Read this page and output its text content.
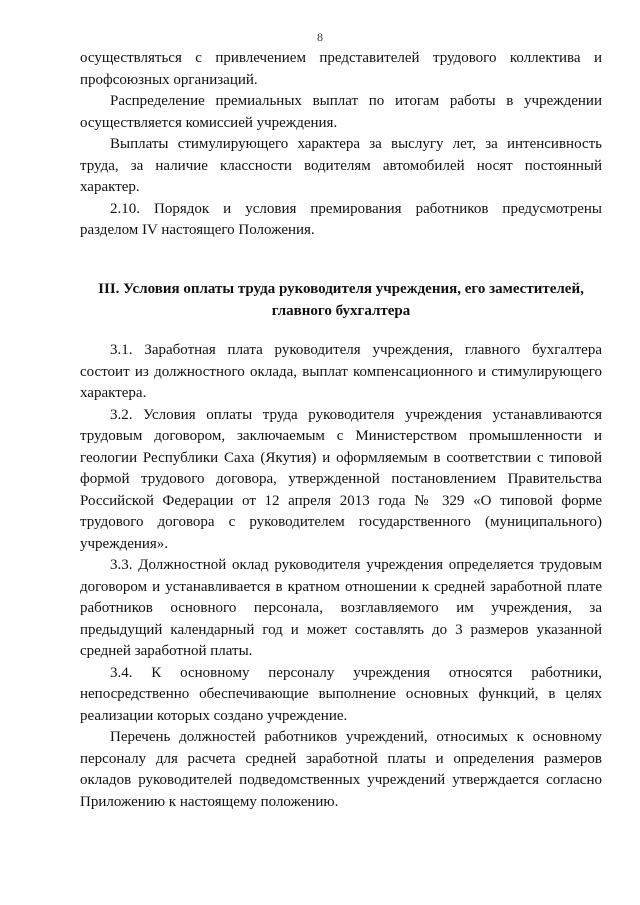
8

осуществляться с привлечением представителей трудового коллектива и профсоюзных организаций.

Распределение премиальных выплат по итогам работы в учреждении осуществляется комиссией учреждения.

Выплаты стимулирующего характера за выслугу лет, за интенсивность труда, за наличие классности водителям автомобилей носят постоянный характер.

2.10. Порядок и условия премирования работников предусмотрены разделом IV настоящего Положения.

III. Условия оплаты труда руководителя учреждения, его заместителей,
главного бухгалтера

3.1. Заработная плата руководителя учреждения, главного бухгалтера состоит из должностного оклада, выплат компенсационного и стимулирующего характера.

3.2. Условия оплаты труда руководителя учреждения устанавливаются трудовым договором, заключаемым с Министерством промышленности и геологии Республики Саха (Якутия) и оформляемым в соответствии с типовой формой трудового договора, утвержденной постановлением Правительства Российской Федерации от 12 апреля 2013 года № 329 «О типовой форме трудового договора с руководителем государственного (муниципального) учреждения».

3.3. Должностной оклад руководителя учреждения определяется трудовым договором и устанавливается в кратном отношении к средней заработной плате работников основного персонала, возглавляемого им учреждения, за предыдущий календарный год и может составлять до 3 размеров указанной средней заработной платы.

3.4. К основному персоналу учреждения относятся работники, непосредственно обеспечивающие выполнение основных функций, в целях реализации которых создано учреждение.

Перечень должностей работников учреждений, относимых к основному персоналу для расчета средней заработной платы и определения размеров окладов руководителей подведомственных учреждений утверждается согласно Приложению к настоящему положению.
